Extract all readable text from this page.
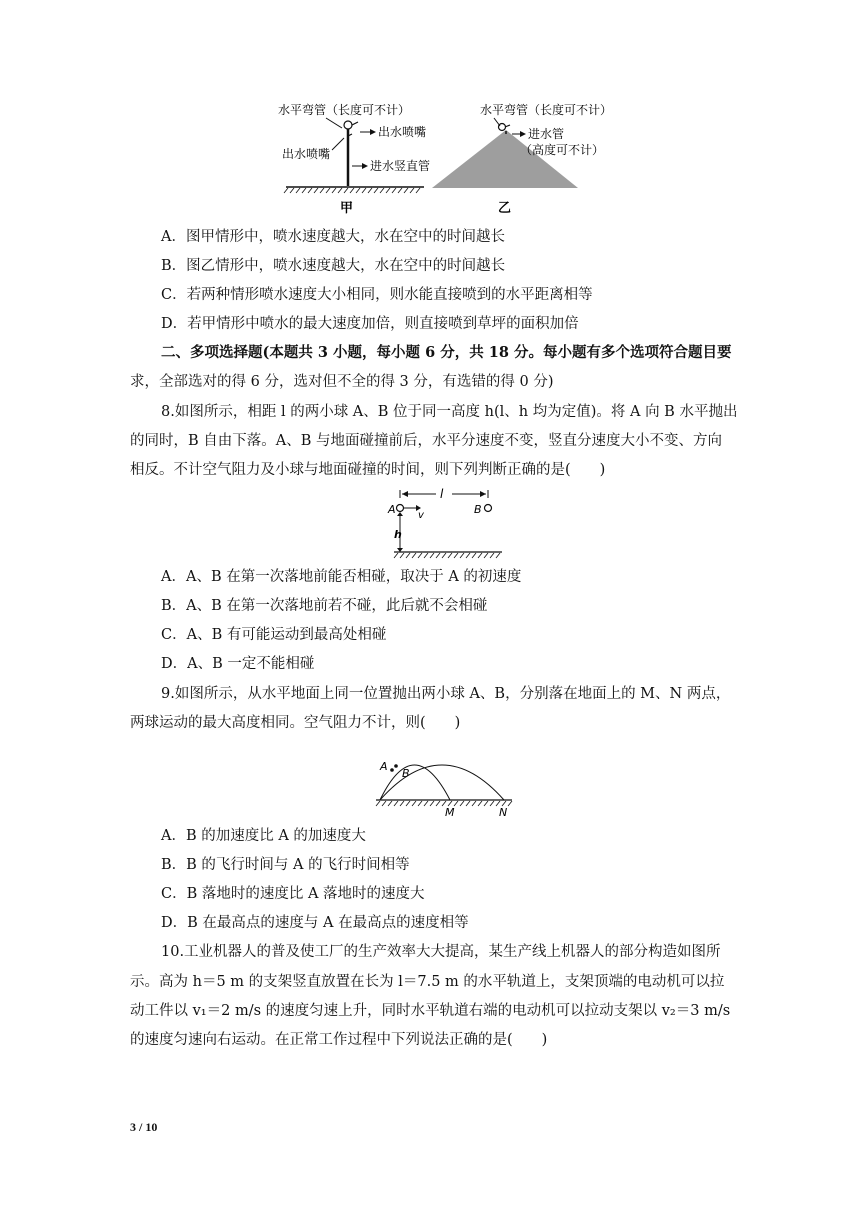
水平弯管（长度可不计）
出水喷嘴
出水喷嘴
进水竖直管
甲
水平弯管（长度可不计）
进水管
（高度可不计）
乙
A．图甲情形中，喷水速度越大，水在空中的时间越长
B．图乙情形中，喷水速度越大，水在空中的时间越长
C．若两种情形喷水速度大小相同，则水能直接喷到的水平距离相等
D．若甲情形中喷水的最大速度加倍，则直接喷到草坪的面积加倍
二、多项选择题(本题共 3 小题，每小题 6 分，共 18 分。每小题有多个选项符合题目要
求，全部选对的得 6 分，选对但不全的得 3 分，有选错的得 0 分)
8.如图所示，相距 l 的两小球 A、B 位于同一高度 h(l、h 均为定值)。将 A 向 B 水平抛出
的同时，B 自由下落。A、B 与地面碰撞前后，水平分速度不变，竖直分速度大小不变、方向
相反。不计空气阻力及小球与地面碰撞的时间，则下列判断正确的是(　　)
l
A v	B
h
A．A、B 在第一次落地前能否相碰，取决于 A 的初速度
B．A、B 在第一次落地前若不碰，此后就不会相碰
C．A、B 有可能运动到最高处相碰
D．A、B 一定不能相碰
9.如图所示，从水平地面上同一位置抛出两小球 A、B，分别落在地面上的 M、N 两点，
两球运动的最大高度相同。空气阻力不计，则(　　)
A
B
M	N
A．B 的加速度比 A 的加速度大
B．B 的飞行时间与 A 的飞行时间相等
C．B 落地时的速度比 A 落地时的速度大
D．B 在最高点的速度与 A 在最高点的速度相等
10.工业机器人的普及使工厂的生产效率大大提高，某生产线上机器人的部分构造如图所
示。高为 h＝5 m 的支架竖直放置在长为 l＝7.5 m 的水平轨道上，支架顶端的电动机可以拉
动工件以 v₁＝2 m/s 的速度匀速上升，同时水平轨道右端的电动机可以拉动支架以 v₂＝3 m/s
的速度匀速向右运动。在正常工作过程中下列说法正确的是(　　)
3 / 10
